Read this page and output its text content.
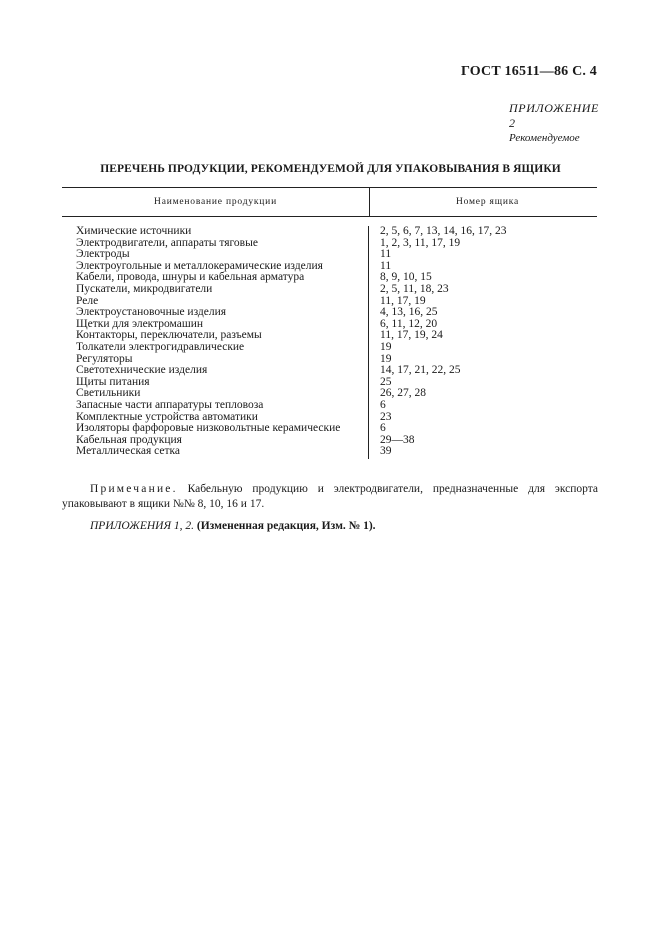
ГОСТ 16511—86 С. 4
ПРИЛОЖЕНИЕ 2
Рекомендуемое
ПЕРЕЧЕНЬ ПРОДУКЦИИ, РЕКОМЕНДУЕМОЙ ДЛЯ УПАКОВЫВАНИЯ В ЯЩИКИ
Наименование продукции	Номер ящика
Химические источники
Электродвигатели, аппараты тяговые
Электроды
Электроугольные и металлокерамические изделия
Кабели, провода, шнуры и кабельная арматура
Пускатели, микродвигатели
Реле
Электроустановочные изделия
Щетки для электромашин
Контакторы, переключатели, разъемы
Толкатели электрогидравлические
Регуляторы
Светотехнические изделия
Щиты питания
Светильники
Запасные части аппаратуры тепловоза
Комплектные устройства автоматики
Изоляторы фарфоровые низковольтные керамические
Кабельная продукция
Металлическая сетка
2, 5, 6, 7, 13, 14, 16, 17, 23
1, 2, 3, 11, 17, 19
11
11
8, 9, 10, 15
2, 5, 11, 18, 23
11, 17, 19
4, 13, 16, 25
6, 11, 12, 20
11, 17, 19, 24
19
19
14, 17, 21, 22, 25
25
26, 27, 28
6
23
6
29—38
39
Примечание. Кабельную продукцию и электродвигатели, предназначенные для экспорта упаковывают в ящики №№ 8, 10, 16 и 17.
ПРИЛОЖЕНИЯ 1, 2. (Измененная редакция, Изм. № 1).
